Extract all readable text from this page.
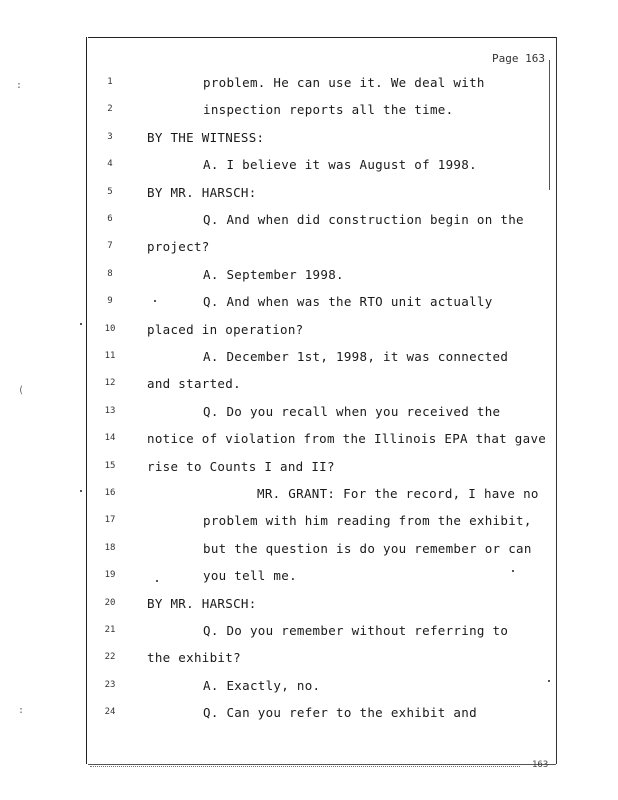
163
Page 163
1	problem. He can use it. We deal with
2	inspection reports all the time.
3	BY THE WITNESS:
4	A. I believe it was August of 1998.
5	BY MR. HARSCH:
6	Q. And when did construction begin on the
7	project?
8	A. September 1998.
9	Q. And when was the RTO unit actually
10	placed in operation?
11	A. December 1st, 1998, it was connected
12	and started.
13	Q. Do you recall when you received the
14	notice of violation from the Illinois EPA that gave
15	rise to Counts I and II?
16	MR. GRANT: For the record, I have no
17	problem with him reading from the exhibit,
18	but the question is do you remember or can
19	you tell me.
20	BY MR. HARSCH:
21	Q. Do you remember without referring to
22	the exhibit?
23	A. Exactly, no.
24	Q. Can you refer to the exhibit and
:
(
:
